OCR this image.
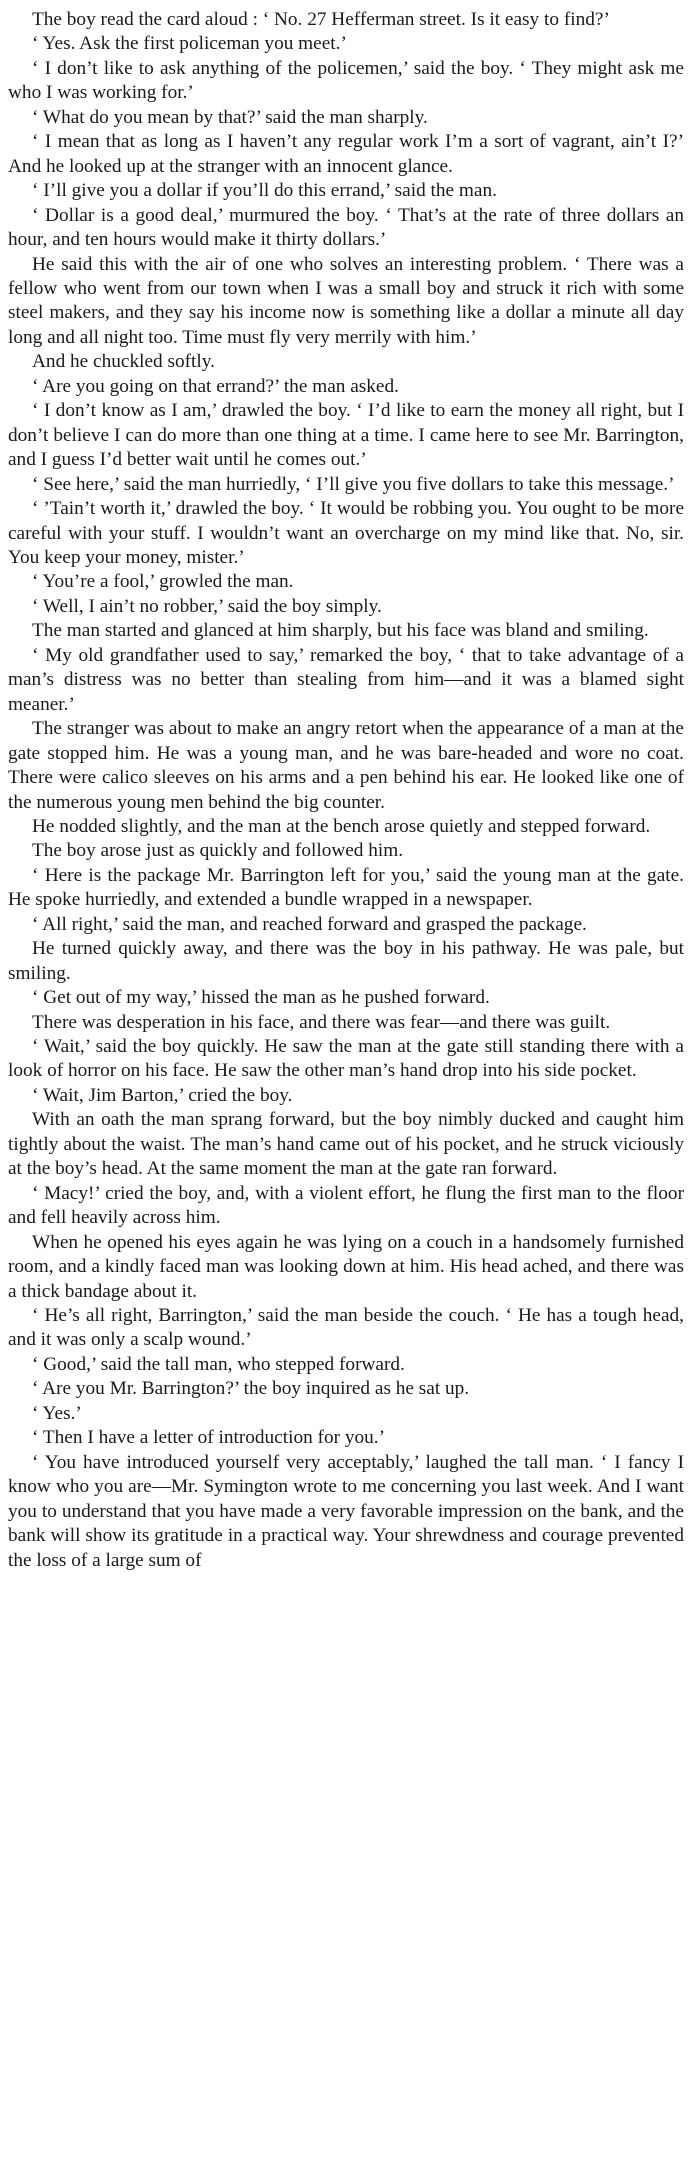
The boy read the card aloud : ‘ No. 27 Hefferman street. Is it easy to find?’

‘ Yes. Ask the first policeman you meet.’

‘ I don’t like to ask anything of the policemen,’ said the boy. ‘ They might ask me who I was working for.’

‘ What do you mean by that?’ said the man sharply.

‘ I mean that as long as I haven’t any regular work I’m a sort of vagrant, ain’t I?’ And he looked up at the stranger with an innocent glance.

‘ I’ll give you a dollar if you’ll do this errand,’ said the man.

‘ Dollar is a good deal,’ murmured the boy. ‘ That’s at the rate of three dollars an hour, and ten hours would make it thirty dollars.’

He said this with the air of one who solves an interesting problem. ‘ There was a fellow who went from our town when I was a small boy and struck it rich with some steel makers, and they say his income now is something like a dollar a minute all day long and all night too. Time must fly very merrily with him.’

And he chuckled softly.

‘ Are you going on that errand?’ the man asked.

‘ I don’t know as I am,’ drawled the boy. ‘ I’d like to earn the money all right, but I don’t believe I can do more than one thing at a time. I came here to see Mr. Barrington, and I guess I’d better wait until he comes out.’

‘ See here,’ said the man hurriedly, ‘ I’ll give you five dollars to take this message.’

‘ ’Tain’t worth it,’ drawled the boy. ‘ It would be robbing you. You ought to be more careful with your stuff. I wouldn’t want an overcharge on my mind like that. No, sir. You keep your money, mister.’

‘ You’re a fool,’ growled the man.

‘ Well, I ain’t no robber,’ said the boy simply.

The man started and glanced at him sharply, but his face was bland and smiling.

‘ My old grandfather used to say,’ remarked the boy, ‘ that to take advantage of a man’s distress was no better than stealing from him—and it was a blamed sight meaner.’

The stranger was about to make an angry retort when the appearance of a man at the gate stopped him. He was a young man, and he was bare-headed and wore no coat. There were calico sleeves on his arms and a pen behind his ear. He looked like one of the numerous young men behind the big counter.

He nodded slightly, and the man at the bench arose quietly and stepped forward.

The boy arose just as quickly and followed him.

‘ Here is the package Mr. Barrington left for you,’ said the young man at the gate. He spoke hurriedly, and extended a bundle wrapped in a newspaper.

‘ All right,’ said the man, and reached forward and grasped the package.

He turned quickly away, and there was the boy in his pathway. He was pale, but smiling.

‘ Get out of my way,’ hissed the man as he pushed forward.

There was desperation in his face, and there was fear—and there was guilt.

‘ Wait,’ said the boy quickly. He saw the man at the gate still standing there with a look of horror on his face. He saw the other man’s hand drop into his side pocket.

‘ Wait, Jim Barton,’ cried the boy.

With an oath the man sprang forward, but the boy nimbly ducked and caught him tightly about the waist. The man’s hand came out of his pocket, and he struck viciously at the boy’s head. At the same moment the man at the gate ran forward.

‘ Macy!’ cried the boy, and, with a violent effort, he flung the first man to the floor and fell heavily across him.

When he opened his eyes again he was lying on a couch in a handsomely furnished room, and a kindly faced man was looking down at him. His head ached, and there was a thick bandage about it.

‘ He’s all right, Barrington,’ said the man beside the couch. ‘ He has a tough head, and it was only a scalp wound.’

‘ Good,’ said the tall man, who stepped forward.

‘ Are you Mr. Barrington?’ the boy inquired as he sat up.

‘ Yes.’

‘ Then I have a letter of introduction for you.’

‘ You have introduced yourself very acceptably,’ laughed the tall man. ‘ I fancy I know who you are—Mr. Symington wrote to me concerning you last week. And I want you to understand that you have made a very favorable impression on the bank, and the bank will show its gratitude in a practical way. Your shrewdness and courage prevented the loss of a large sum of
